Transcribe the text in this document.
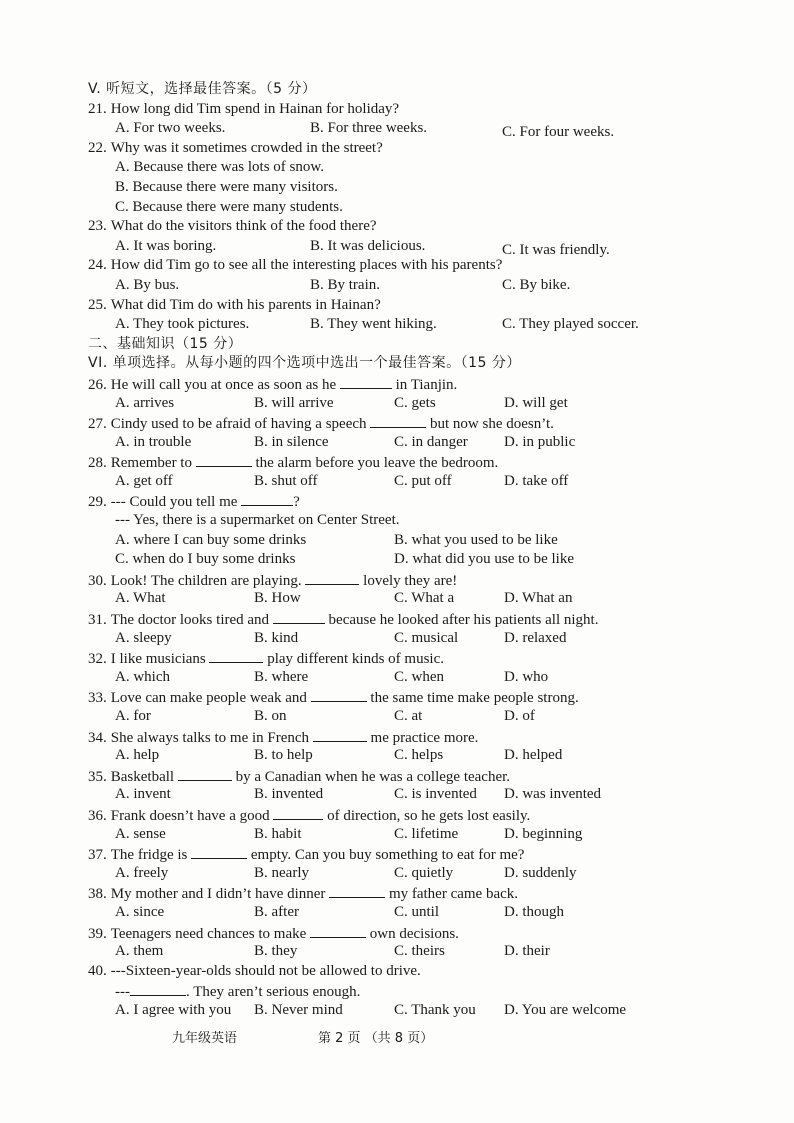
V. 听短文，选择最佳答案。（5 分）
21. How long did Tim spend in Hainan for holiday?
A. For two weeks.	B. For three weeks.	C. For four weeks.
22. Why was it sometimes crowded in the street?
A. Because there was lots of snow.
B. Because there were many visitors.
C. Because there were many students.
23. What do the visitors think of the food there?
A. It was boring.	B. It was delicious.	C. It was friendly.
24. How did Tim go to see all the interesting places with his parents?
A. By bus.	B. By train.	C. By bike.
25. What did Tim do with his parents in Hainan?
A. They took pictures.	B. They went hiking.	C. They played soccer.
二、基础知识（15 分）
VI. 单项选择。从每小题的四个选项中选出一个最佳答案。（15 分）
26. He will call you at once as soon as he	in Tianjin.
A. arrives	B. will arrive	C. gets	D. will get
27. Cindy used to be afraid of having a speech	but now she doesn’t.
A. in trouble	B. in silence	C. in danger D. in public
28. Remember to	the alarm before you leave the bedroom.
A. get off	B. shut off	C. put off	D. take off
29. --- Could you tell me	?
--- Yes, there is a supermarket on Center Street.
A. where I can buy some drinks	B. what you used to be like
C. when do I buy some drinks	D. what did you use to be like
30. Look! The children are playing.	lovely they are!
A. What	B. How	C. What a	D. What an
31. The doctor looks tired and	because he looked after his patients all night.
A. sleepy	B. kind	C. musical	D. relaxed
32. I like musicians	play different kinds of music.
A. which	B. where	C. when	D. who
33. Love can make people weak and	the same time make people strong.
A. for	B. on	C. at	D. of
34. She always talks to me in French	me practice more.
A. help	B. to help	C. helps	D. helped
35. Basketball	by a Canadian when he was a college teacher.
A. invent	B. invented	C. is invented D. was invented
36. Frank doesn’t have a good	of direction, so he gets lost easily.
A. sense	B. habit	C. lifetime	D. beginning
37. The fridge is	empty. Can you buy something to eat for me?
A. freely	B. nearly	C. quietly	D. suddenly
38. My mother and I didn’t have dinner	my father came back.
A. since	B. after	C. until	D. though
39. Teenagers need chances to make	own decisions.
A. them	B. they	C. theirs	D. their
40. ---Sixteen-year-olds should not be allowed to drive.
---	. They aren’t serious enough.
A. I agree with you B. Never mind	C. Thank you D. You are welcome
九年级英语	第 2 页 （共 8 页）
